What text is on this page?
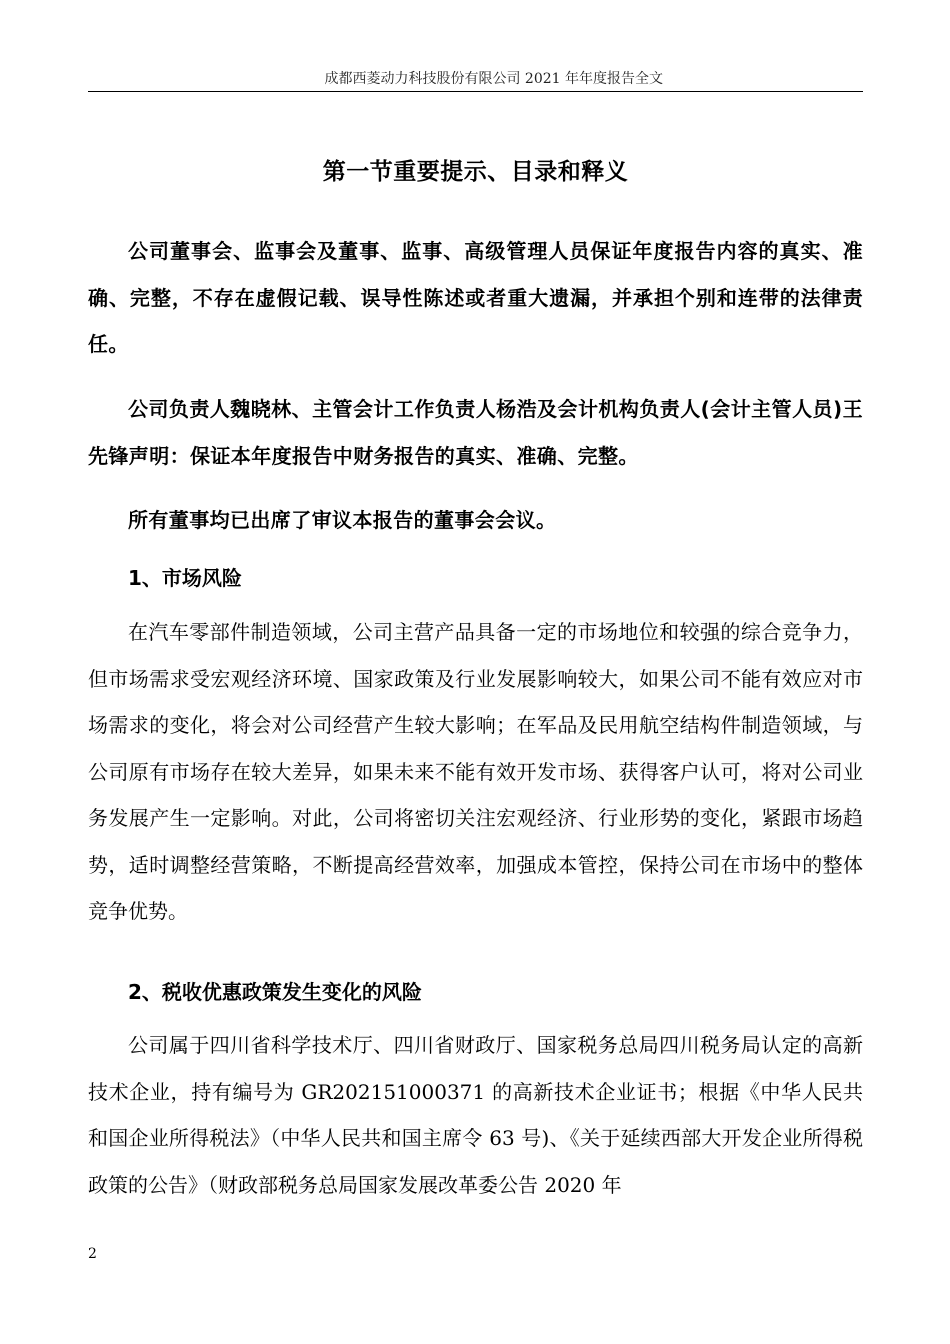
成都西菱动力科技股份有限公司 2021 年年度报告全文
第一节重要提示、目录和释义
公司董事会、监事会及董事、监事、高级管理人员保证年度报告内容的真实、准确、完整，不存在虚假记载、误导性陈述或者重大遗漏，并承担个别和连带的法律责任。
公司负责人魏晓林、主管会计工作负责人杨浩及会计机构负责人(会计主管人员)王先锋声明：保证本年度报告中财务报告的真实、准确、完整。
所有董事均已出席了审议本报告的董事会会议。
1、市场风险
在汽车零部件制造领域，公司主营产品具备一定的市场地位和较强的综合竞争力，但市场需求受宏观经济环境、国家政策及行业发展影响较大，如果公司不能有效应对市场需求的变化，将会对公司经营产生较大影响；在军品及民用航空结构件制造领域，与公司原有市场存在较大差异，如果未来不能有效开发市场、获得客户认可，将对公司业务发展产生一定影响。对此，公司将密切关注宏观经济、行业形势的变化，紧跟市场趋势，适时调整经营策略，不断提高经营效率，加强成本管控，保持公司在市场中的整体竞争优势。
2、税收优惠政策发生变化的风险
公司属于四川省科学技术厅、四川省财政厅、国家税务总局四川税务局认定的高新技术企业，持有编号为 GR202151000371 的高新技术企业证书；根据《中华人民共和国企业所得税法》（中华人民共和国主席令 63 号)、《关于延续西部大开发企业所得税政策的公告》（财政部税务总局国家发展改革委公告 2020 年
2
